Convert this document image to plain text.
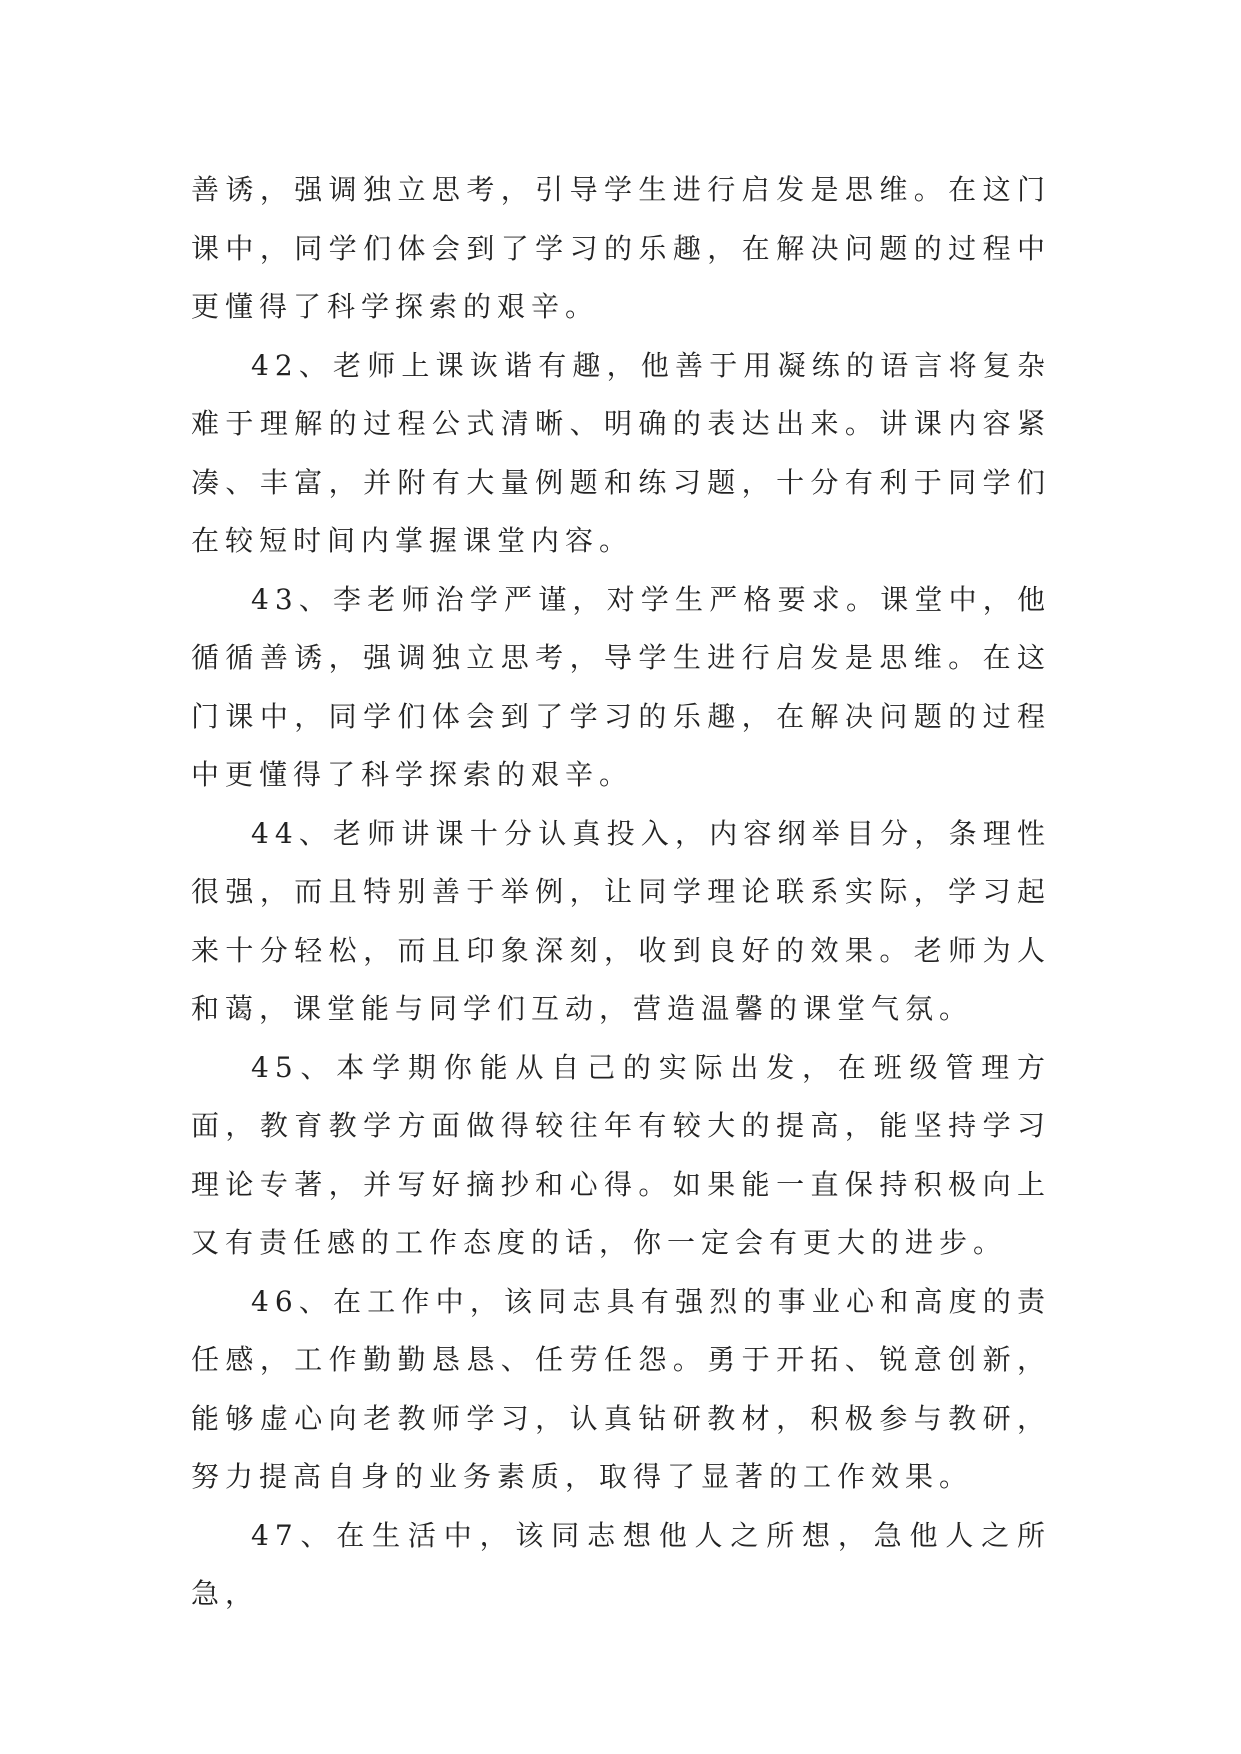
善诱，强调独立思考，引导学生进行启发是思维。在这门课中，同学们体会到了学习的乐趣，在解决问题的过程中更懂得了科学探索的艰辛。

42、老师上课诙谐有趣，他善于用凝练的语言将复杂难于理解的过程公式清晰、明确的表达出来。讲课内容紧凑、丰富，并附有大量例题和练习题，十分有利于同学们在较短时间内掌握课堂内容。

43、李老师治学严谨，对学生严格要求。课堂中，他循循善诱，强调独立思考，导学生进行启发是思维。在这门课中，同学们体会到了学习的乐趣，在解决问题的过程中更懂得了科学探索的艰辛。

44、老师讲课十分认真投入，内容纲举目分，条理性很强，而且特别善于举例，让同学理论联系实际，学习起来十分轻松，而且印象深刻，收到良好的效果。老师为人和蔼，课堂能与同学们互动，营造温馨的课堂气氛。

45、本学期你能从自己的实际出发，在班级管理方面，教育教学方面做得较往年有较大的提高，能坚持学习理论专著，并写好摘抄和心得。如果能一直保持积极向上又有责任感的工作态度的话，你一定会有更大的进步。

46、在工作中，该同志具有强烈的事业心和高度的责任感，工作勤勤恳恳、任劳任怨。勇于开拓、锐意创新，能够虚心向老教师学习，认真钻研教材，积极参与教研，努力提高自身的业务素质，取得了显著的工作效果。

47、在生活中，该同志想他人之所想，急他人之所急，
